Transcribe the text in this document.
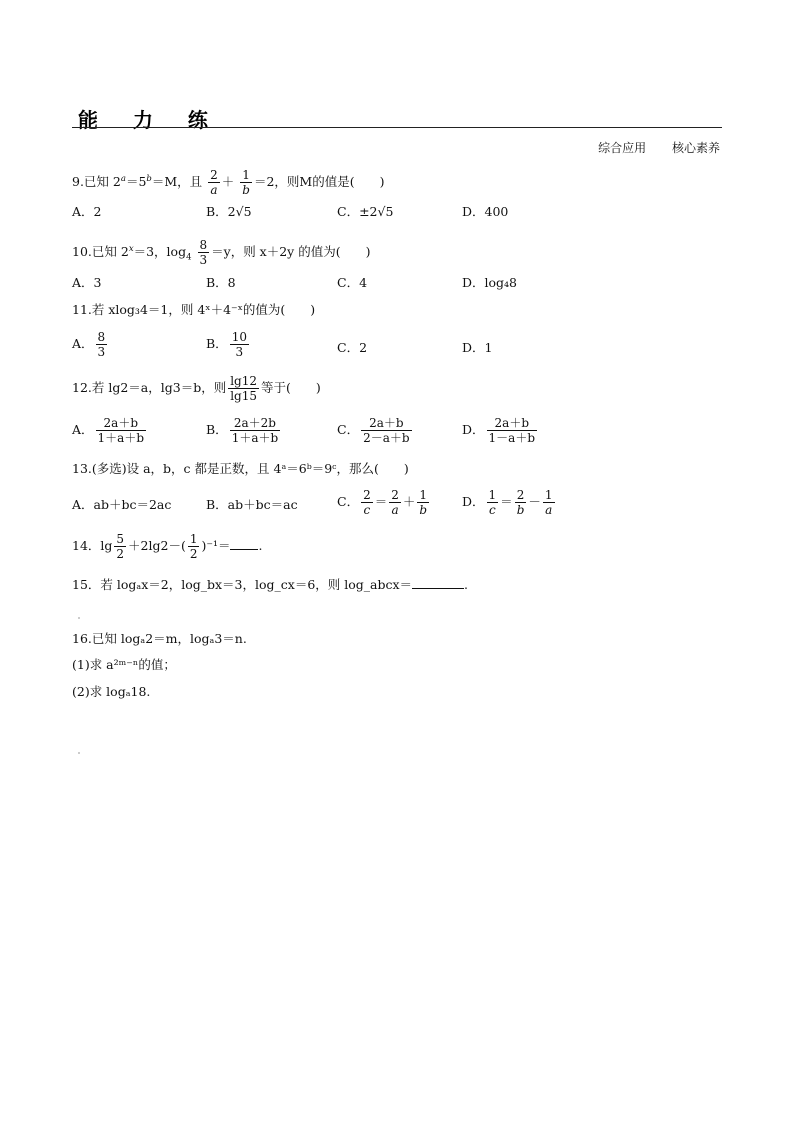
能 力 练
综合应用 核心素养
9.已知 $2^a=5^b=M$，且 $\frac{2}{a} + \frac{1}{b} =2$，则M的值是(　　)
A．2	B．2√5	C．±2√5	D．400
10.已知 $2^x=3$，$\log_4 \frac{8}{3} =y$，则 x＋2y 的值为(　　)
A．3	B．8	C．4	D．log₄8
11.若 xlog₃4＝1，则 4ˣ＋4⁻ˣ的值为(　　)
A． $\frac{8}{3}$	B． $\frac{10}{3}$	C．2	D．1
12.若 lg2＝a，lg3＝b，则 $\frac{\lg 12}{\lg 15}$ 等于(　　)
A． $\frac{2a+b}{1+a+b}$	B． $\frac{2a+2b}{1+a+b}$	C． $\frac{2a+b}{2-a+b}$	D． $\frac{2a+b}{1-a+b}$
13.(多选)设 a，b，c 都是正数，且 4ᵃ＝6ᵇ＝9ᶜ，那么(　　)
A．ab＋bc＝2ac	B．ab＋bc＝ac	C． $\frac{2}{c} = \frac{2}{a} + \frac{1}{b}$	D． $\frac{1}{c} = \frac{2}{b} - \frac{1}{a}$
14．$\lg \frac{5}{2} +2\lg 2-( \frac{1}{2} )^{-1}=$ .
15．若 logₐx＝2，log_bx＝3，log_cx＝6，则 log_abcx＝	.
16.已知 logₐ2＝m，logₐ3＝n.
(1)求 a²ᵐ⁻ⁿ的值；
(2)求 logₐ18.
